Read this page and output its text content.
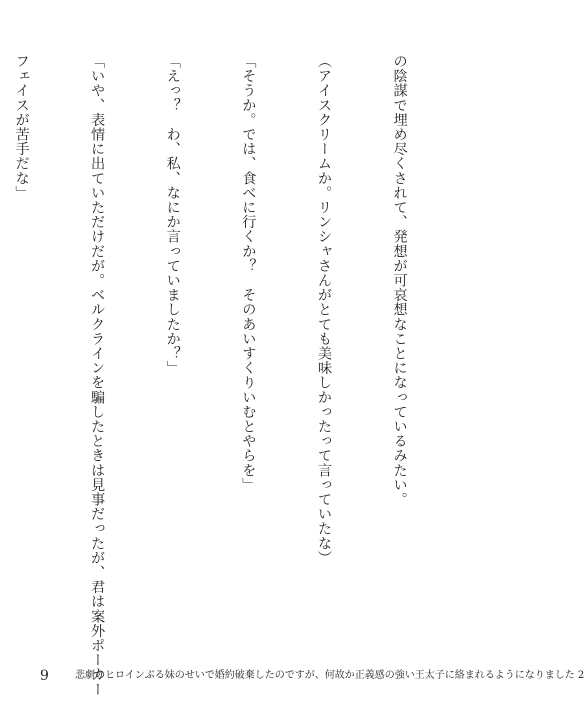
の陰謀で埋め尽くされて、発想が可哀想なことになっているみたい。

（アイスクリームか。リンシャさんがとても美味しかったって言っていたな）

「そうか。では、食べに行くか？　そのあいすくりいむとやらを」

「えっ？　わ、私、なにか言っていましたか？」

「いや、表情に出ていただけだが。ベルクラインを騙したときは見事だったが、君は案外ポーカー

フェイスが苦手だな」

9	悲劇のヒロインぶる妹のせいで婚約破棄したのですが、何故か正義感の強い王太子に絡まれるようになりました 2
